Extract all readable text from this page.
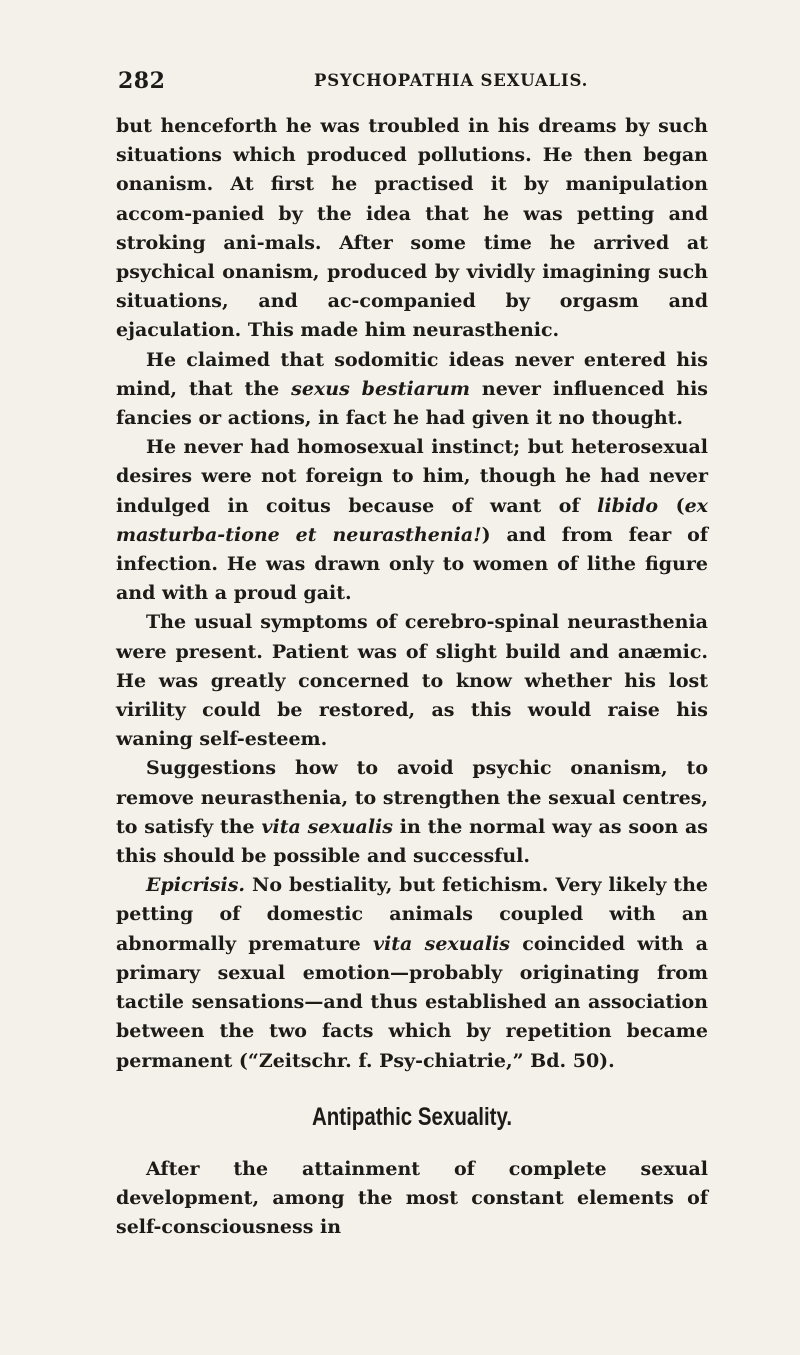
282	PSYCHOPATHIA SEXUALIS.

but henceforth he was troubled in his dreams by such situations which produced pollutions. He then began onanism. At first he practised it by manipulation accom-panied by the idea that he was petting and stroking ani-mals. After some time he arrived at psychical onanism, produced by vividly imagining such situations, and ac-companied by orgasm and ejaculation. This made him neurasthenic.

He claimed that sodomitic ideas never entered his mind, that the sexus bestiarum never influenced his fancies or actions, in fact he had given it no thought.

He never had homosexual instinct; but heterosexual desires were not foreign to him, though he had never indulged in coitus because of want of libido (ex masturba-tione et neurasthenia!) and from fear of infection. He was drawn only to women of lithe figure and with a proud gait.

The usual symptoms of cerebro-spinal neurasthenia were present. Patient was of slight build and anæmic. He was greatly concerned to know whether his lost virility could be restored, as this would raise his waning self-esteem.

Suggestions how to avoid psychic onanism, to remove neurasthenia, to strengthen the sexual centres, to satisfy the vita sexualis in the normal way as soon as this should be possible and successful.

Epicrisis. No bestiality, but fetichism. Very likely the petting of domestic animals coupled with an abnormally premature vita sexualis coincided with a primary sexual emotion—probably originating from tactile sensations—and thus established an association between the two facts which by repetition became permanent (“Zeitschr. f. Psy-chiatrie,” Bd. 50).

Antipathic Sexuality.

After the attainment of complete sexual development, among the most constant elements of self-consciousness in
